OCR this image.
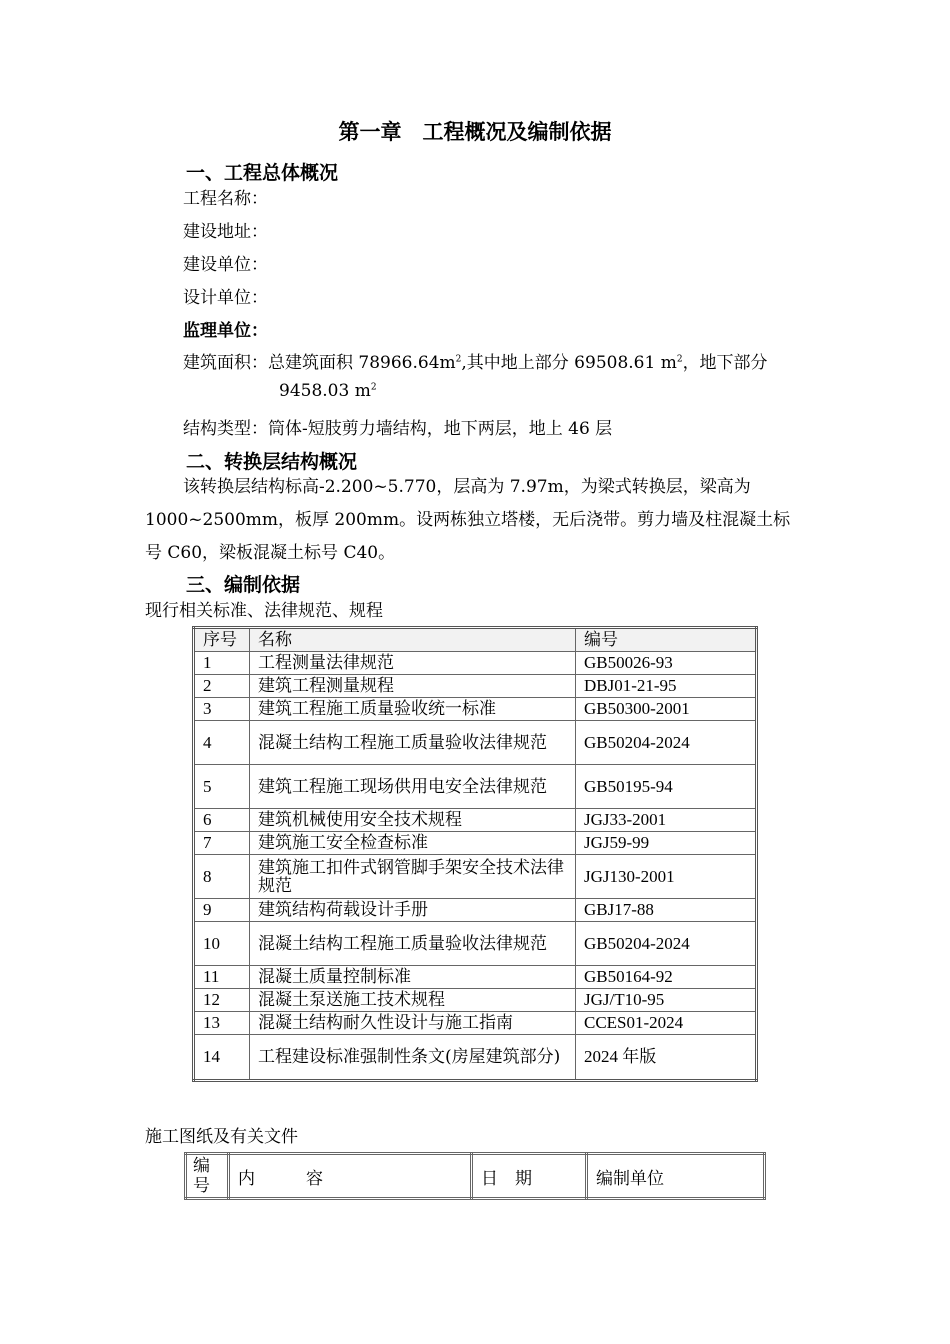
第一章　工程概况及编制依据
一、工程总体概况
工程名称：
建设地址：
建设单位：
设计单位：
监理单位：
建筑面积：总建筑面积 $78966.64m^2$,其中地上部分 69508.61 $m^2$，地下部分
9458.03 $m^2$
结构类型：筒体-短肢剪力墙结构，地下两层，地上 46 层
二、转换层结构概况
该转换层结构标高-2.200~5.770，层高为 7.97m，为梁式转换层，梁高为
1000~2500mm，板厚 200mm。设两栋独立塔楼，无后浇带。剪力墙及柱混凝土标
号 C60，梁板混凝土标号 C40。
三、编制依据
现行相关标准、法律规范、规程
序号	名称	编号
1	工程测量法律规范	GB50026-93
2	建筑工程测量规程	DBJ01-21-95
3	建筑工程施工质量验收统一标准	GB50300-2001
4	混凝土结构工程施工质量验收法律规范	GB50204-2024
5	建筑工程施工现场供用电安全法律规范	GB50195-94
6	建筑机械使用安全技术规程	JGJ33-2001
7	建筑施工安全检查标准	JGJ59-99
8	建筑施工扣件式钢管脚手架安全技术法律规范	JGJ130-2001
9	建筑结构荷载设计手册	GBJ17-88
10	混凝土结构工程施工质量验收法律规范	GB50204-2024
11	混凝土质量控制标准	GB50164-92
12	混凝土泵送施工技术规程	JGJ/T10-95
13	混凝土结构耐久性设计与施工指南	CCES01-2024
14	工程建设标准强制性条文(房屋建筑部分)	2024 年版
施工图纸及有关文件
编号	内　　　容	日　期	编制单位
